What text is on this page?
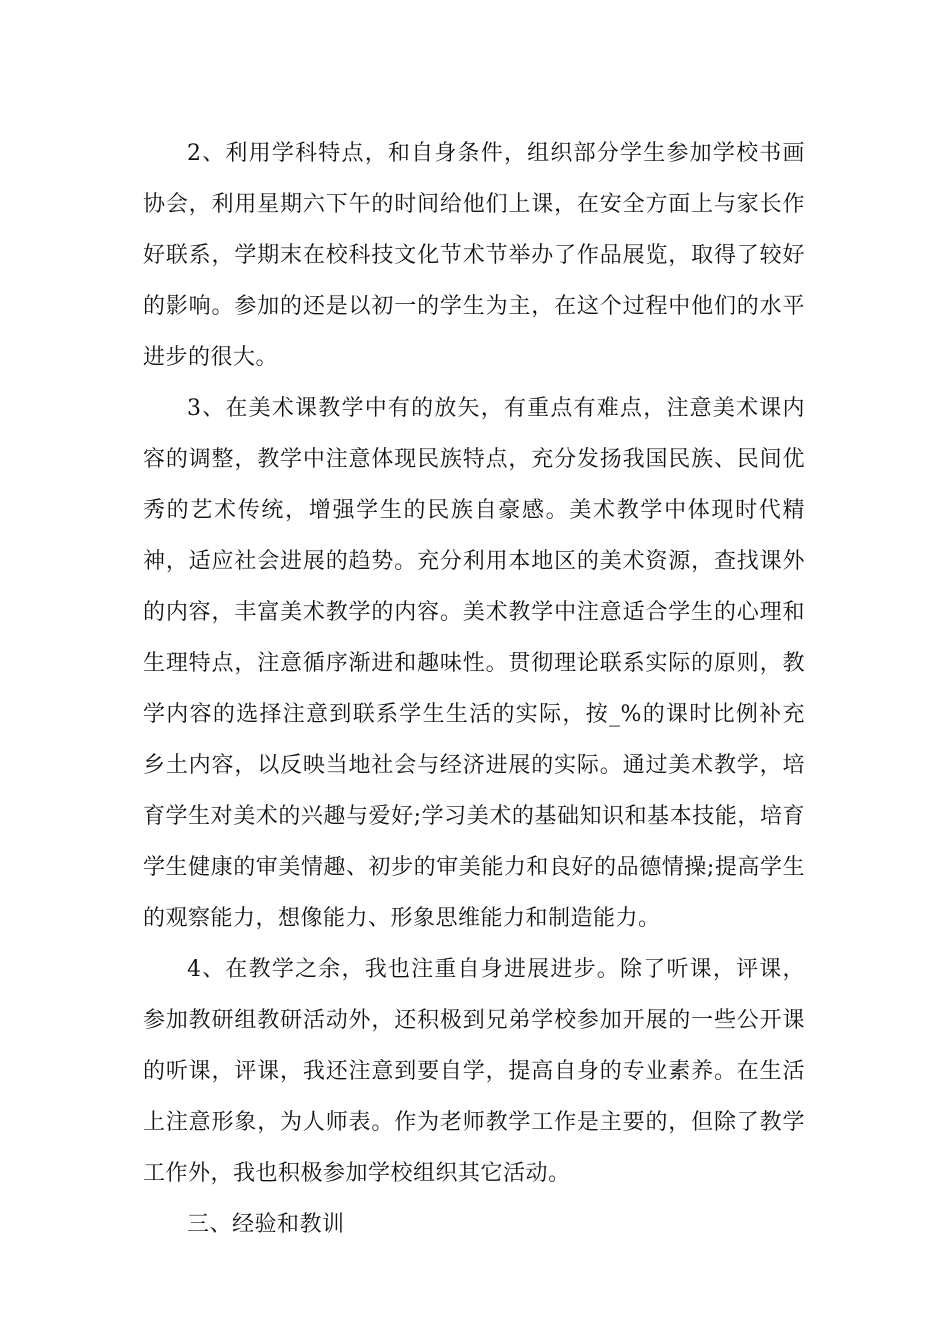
2、利用学科特点，和自身条件，组织部分学生参加学校书画协会，利用星期六下午的时间给他们上课，在安全方面上与家长作好联系，学期末在校科技文化节术节举办了作品展览，取得了较好的影响。参加的还是以初一的学生为主，在这个过程中他们的水平进步的很大。

3、在美术课教学中有的放矢，有重点有难点，注意美术课内容的调整，教学中注意体现民族特点，充分发扬我国民族、民间优秀的艺术传统，增强学生的民族自豪感。美术教学中体现时代精神，适应社会进展的趋势。充分利用本地区的美术资源，查找课外的内容，丰富美术教学的内容。美术教学中注意适合学生的心理和生理特点，注意循序渐进和趣味性。贯彻理论联系实际的原则，教学内容的选择注意到联系学生生活的实际，按_%的课时比例补充乡土内容，以反映当地社会与经济进展的实际。通过美术教学，培育学生对美术的兴趣与爱好;学习美术的基础知识和基本技能，培育学生健康的审美情趣、初步的审美能力和良好的品德情操;提高学生的观察能力，想像能力、形象思维能力和制造能力。

4、在教学之余，我也注重自身进展进步。除了听课，评课，参加教研组教研活动外，还积极到兄弟学校参加开展的一些公开课的听课，评课，我还注意到要自学，提高自身的专业素养。在生活上注意形象，为人师表。作为老师教学工作是主要的，但除了教学工作外，我也积极参加学校组织其它活动。

三、经验和教训
